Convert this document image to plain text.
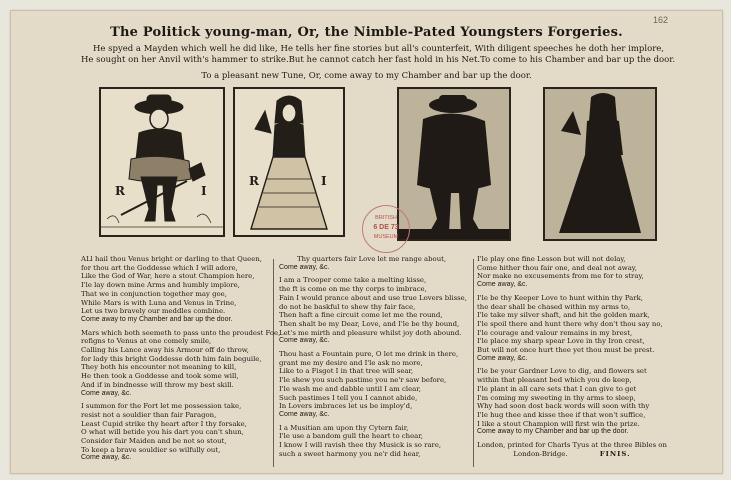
162
The Politick young-man, Or, the Nimble-Pated Youngsters Forgeries.
He spyed a Mayden which well he did like, He tells her fine stories but all's counterfeit, With diligent speeches he doth her implore,
He sought on her Anvil with's hammer to strike. But he cannot catch her fast hold in his Net. To come to his Chamber and bar up the door.
To a pleasant new Tune, Or, come away to my Chamber and bar up the door.
R	I
R	I
BRITISH
6 DE 73
MUSEUM
ALl hail thou Venus bright or darling to that Queen,
for thou art the Goddesse which I will adore,
Like the God of War, here a stout Champion here,
I'le lay down mine Arms and humbly implore,
That we in conjunction together may goe,
While Mars is with Luna and Venus in Trine,
Let us two bravely our meddles combine.
Come away to my Chamber and bar up the door.
Mars which both seemeth to pass unto the proudest Foe,
refigns to Venus at one comely smile,
Calling his Lance away his Armour off do throw,
for lady this bright Goddesse doth him fain beguile,
They both his encounter not meaning to kill,
He then took a Goddesse and took some will,
And if in bindnesse will throw my best skill.
Come away, &c.
I summon for the Fort let me possession take,
resist not a souldier than fair Paragon,
Least Cupid strike thy heart after I thy forsake,
O what will betide you his dart you can't shun,
Consider fair Maiden and be not so stout,
To keep a brave souldier so wilfully out,
Come away, &c.
Thy quarters fair Love let me range about,
Come away, &c.
I am a Trooper come take a melting kisse,
the ft is come on me thy corps to imbrace,
Fain I would prance about and use true Lovers blisse,
do not be baskful to shew thy fair face,
Then haft a fine circuit come let me the round,
Then shalt be my Dear, Love, and I'le be thy bound,
Let's me mirth and pleasure whilst joy doth abound.
Come away, &c.
Thou hast a Fountain pure, O let me drink in there,
grant me my desire and I'le ask no more,
Like to a Fisgot I in that tree will sear,
I'le shew you such pastime you ne'r saw before,
I'le wash me and dabble until I am clear,
Such pastimes I tell you I cannot abide,
In Lovers imbraces let us be imploy'd,
Come away, &c.
I a Musitian am upon thy Cytern fair,
I'le use a bandom gull the heart to chear,
I know I will ravish thee thy Musick is so rare,
such a sweet harmony you ne'r did hear,
I'le play one fine Lesson but will not delay,
Come hither thou fair one, and deal not away,
Nor make no excusements from me for to stray,
Come away, &c.
I'le be thy Keeper Love to hunt within thy Park,
the dear shall be chased within my arms to,
I'le take my silver shaft, and hit the golden mark,
I'le spoil there and hunt there why don't thou say no,
I'le courage and valour remains in my brest,
I'le place my sharp spear Love in thy Iron crest,
But will not once hurt thee yet thou must be prest.
Come away, &c.
I'le be your Gardner Love to dig, and flowers set
within that pleasant bed which you do keep,
I'le plant in all care sets that I can give to get
I'm coming my sweeting in thy arms to sleep,
Why had soon dost back words will soon with thy
I'le hug thee and kisse thee if that won't suffice,
I like a stout Champion will first win the prize.
Come away to my Chamber and bar up the door.
London, printed for Charls Tyus at the three Bibles on
London-Bridge.	FINIS.
